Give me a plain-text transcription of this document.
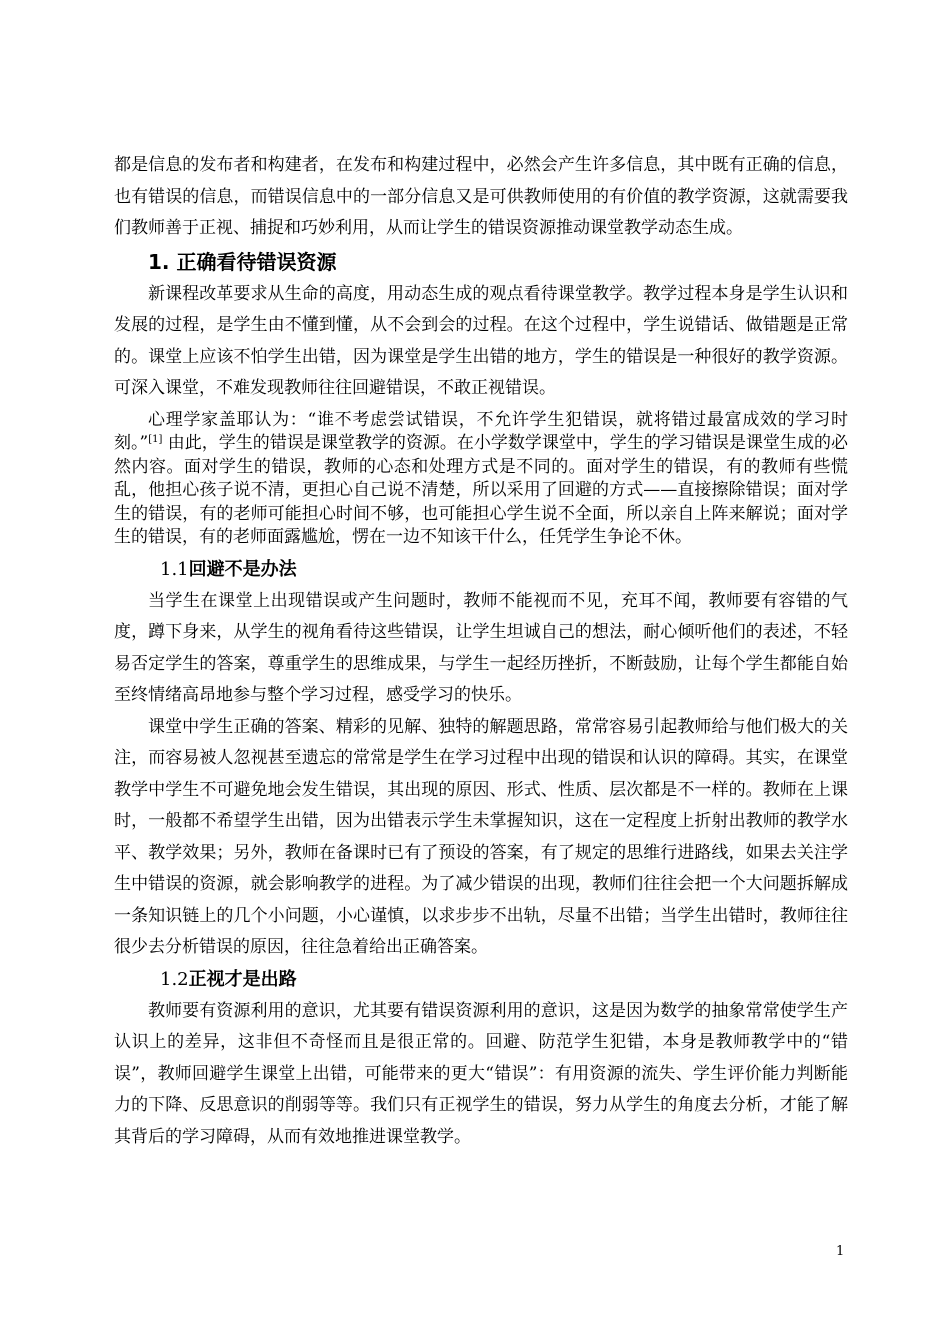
都是信息的发布者和构建者，在发布和构建过程中，必然会产生许多信息，其中既有正确的信息，也有错误的信息，而错误信息中的一部分信息又是可供教师使用的有价值的教学资源，这就需要我们教师善于正视、捕捉和巧妙利用，从而让学生的错误资源推动课堂教学动态生成。

1. 正确看待错误资源

新课程改革要求从生命的高度，用动态生成的观点看待课堂教学。教学过程本身是学生认识和发展的过程，是学生由不懂到懂，从不会到会的过程。在这个过程中，学生说错话、做错题是正常的。课堂上应该不怕学生出错，因为课堂是学生出错的地方，学生的错误是一种很好的教学资源。可深入课堂，不难发现教师往往回避错误，不敢正视错误。

心理学家盖耶认为：“谁不考虑尝试错误，不允许学生犯错误，就将错过最富成效的学习时刻。”[1] 由此，学生的错误是课堂教学的资源。在小学数学课堂中，学生的学习错误是课堂生成的必然内容。面对学生的错误，教师的心态和处理方式是不同的。面对学生的错误，有的教师有些慌乱，他担心孩子说不清，更担心自己说不清楚，所以采用了回避的方式——直接擦除错误；面对学生的错误，有的老师可能担心时间不够，也可能担心学生说不全面，所以亲自上阵来解说；面对学生的错误，有的老师面露尴尬，愣在一边不知该干什么，任凭学生争论不休。

1.1回避不是办法

当学生在课堂上出现错误或产生问题时，教师不能视而不见，充耳不闻，教师要有容错的气度，蹲下身来，从学生的视角看待这些错误，让学生坦诚自己的想法，耐心倾听他们的表述，不轻易否定学生的答案，尊重学生的思维成果，与学生一起经历挫折，不断鼓励，让每个学生都能自始至终情绪高昂地参与整个学习过程，感受学习的快乐。

课堂中学生正确的答案、精彩的见解、独特的解题思路，常常容易引起教师给与他们极大的关注，而容易被人忽视甚至遗忘的常常是学生在学习过程中出现的错误和认识的障碍。其实，在课堂教学中学生不可避免地会发生错误，其出现的原因、形式、性质、层次都是不一样的。教师在上课时，一般都不希望学生出错，因为出错表示学生未掌握知识，这在一定程度上折射出教师的教学水平、教学效果；另外，教师在备课时已有了预设的答案，有了规定的思维行进路线，如果去关注学生中错误的资源，就会影响教学的进程。为了减少错误的出现，教师们往往会把一个大问题拆解成一条知识链上的几个小问题，小心谨慎，以求步步不出轨，尽量不出错；当学生出错时，教师往往很少去分析错误的原因，往往急着给出正确答案。

1.2正视才是出路

教师要有资源利用的意识，尤其要有错误资源利用的意识，这是因为数学的抽象常常使学生产认识上的差异，这非但不奇怪而且是很正常的。回避、防范学生犯错，本身是教师教学中的“错误”，教师回避学生课堂上出错，可能带来的更大“错误”：有用资源的流失、学生评价能力判断能力的下降、反思意识的削弱等等。我们只有正视学生的错误，努力从学生的角度去分析，才能了解其背后的学习障碍，从而有效地推进课堂教学。

1
